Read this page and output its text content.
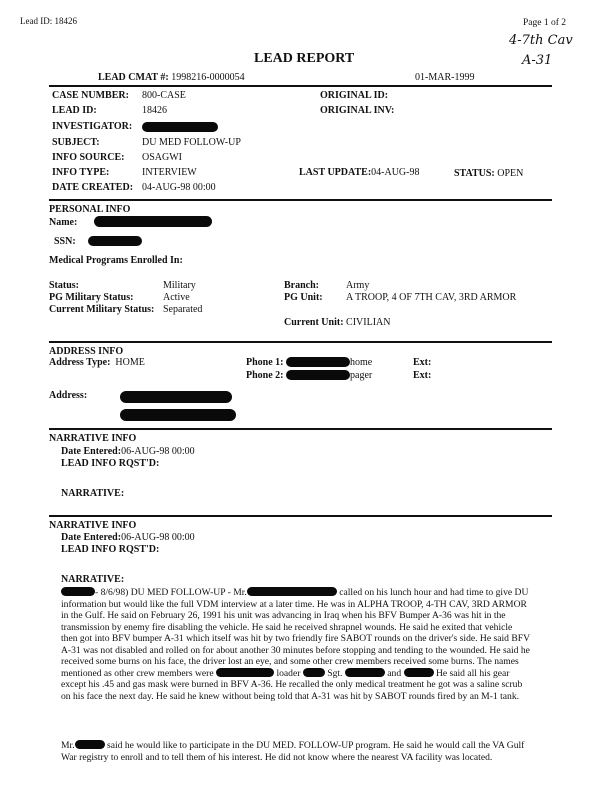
Lead ID: 18426	Page 1 of 2
4-7th Cav
A-31
LEAD REPORT
LEAD CMAT #: 1998216-0000054	01-MAR-1999
CASE NUMBER: 800-CASE
LEAD ID:	18426
INVESTIGATOR:
SUBJECT:	DU MED FOLLOW-UP
INFO SOURCE: OSAGWI
INFO TYPE:	INTERVIEW
DATE CREATED: 04-AUG-98 00:00
ORIGINAL ID:
ORIGINAL INV:
LAST UPDATE:04-AUG-98	STATUS: OPEN
PERSONAL INFO
Name:
SSN:
Medical Programs Enrolled In:
Status:	Military
PG Military Status:	Active
Current Military Status: Separated
Branch:	Army
PG Unit: A TROOP, 4 OF 7TH CAV, 3RD ARMOR
Current Unit: CIVILIAN
ADDRESS INFO
Address Type: HOME	Phone 1:	home	Ext:
Phone 2:	pager	Ext:
Address:
NARRATIVE INFO
Date Entered:06-AUG-98 00:00
LEAD INFO RQST'D:
NARRATIVE:
NARRATIVE INFO
Date Entered:06-AUG-98 00:00
LEAD INFO RQST'D:
NARRATIVE:
- 8/6/98) DU MED FOLLOW-UP - Mr.	called on his lunch hour and had time to give DU information but would like the full VDM interview at a later time. He was in ALPHA TROOP, 4-TH CAV, 3RD ARMOR in the Gulf. He said on February 26, 1991 his unit was advancing in Iraq when his BFV Bumper A-36 was hit in the transmission by enemy fire disabling the vehicle. He said he received shrapnel wounds. He said he exited that vehicle then got into BFV bumper A-31 which itself was hit by two friendly fire SABOT rounds on the driver's side. He said BFV A-31 was not disabled and rolled on for about another 30 minutes before stopping and tending to the wounded. He said he received some burns on his face, the driver lost an eye, and some other crew members received some burns. The names mentioned as other crew members were	loader	Sgt.	and	He said all his gear except his .45 and gas mask were burned in BFV A-36. He recalled the only medical treatment he got was a saline scrub on his face the next day. He said he knew without being told that A-31 was hit by SABOT rounds fired by an M-1 tank.
Mr.	said he would like to participate in the DU MED. FOLLOW-UP program. He said he would call the VA Gulf War registry to enroll and to tell them of his interest. He did not know where the nearest VA facility was located.
